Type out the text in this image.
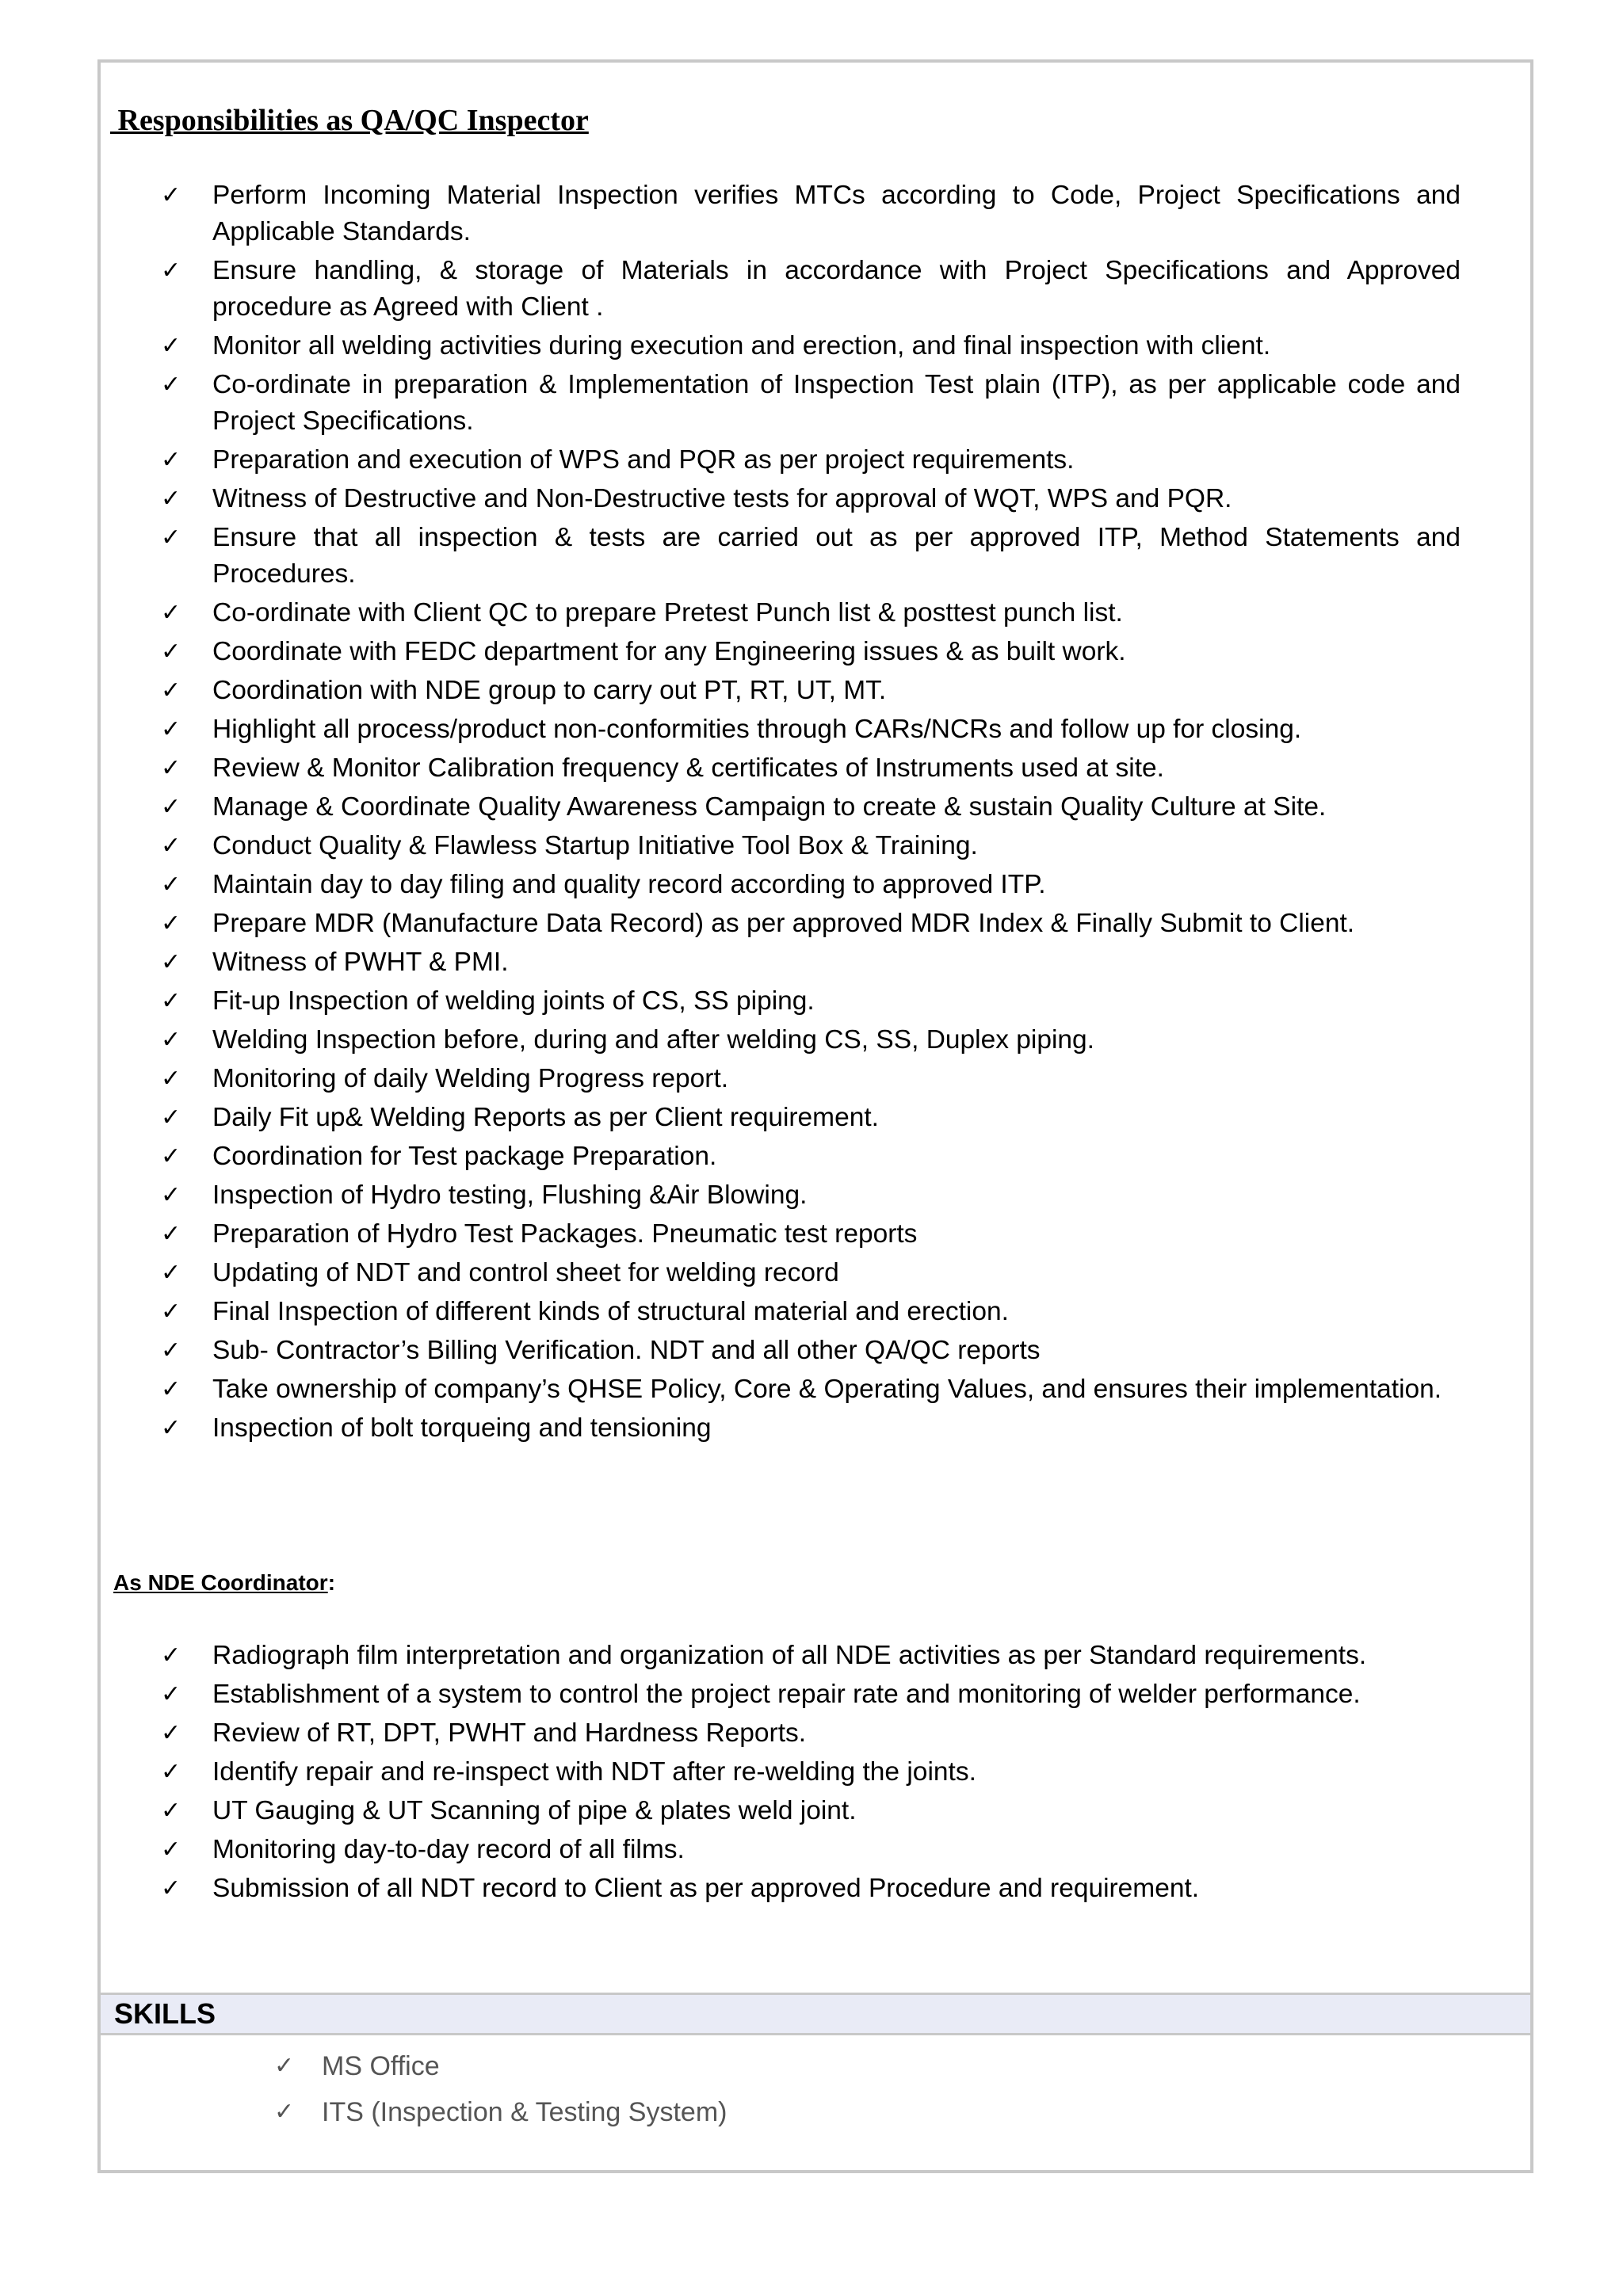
Responsibilities as QA/QC Inspector
✓ Perform Incoming Material Inspection verifies MTCs according to Code, Project Specifications and Applicable Standards.
✓ Ensure handling, & storage of Materials in accordance with Project Specifications and Approved procedure as Agreed with Client .
✓ Monitor all welding activities during execution and erection, and final inspection with client.
✓ Co-ordinate in preparation & Implementation of Inspection Test plain (ITP), as per applicable code and Project Specifications.
✓ Preparation and execution of WPS and PQR as per project requirements.
✓ Witness of Destructive and Non-Destructive tests for approval of WQT, WPS and PQR.
✓ Ensure that all inspection & tests are carried out as per approved ITP, Method Statements and Procedures.
✓ Co-ordinate with Client QC to prepare Pretest Punch list & posttest punch list.
✓ Coordinate with FEDC department for any Engineering issues & as built work.
✓ Coordination with NDE group to carry out PT, RT, UT, MT.
✓ Highlight all process/product non-conformities through CARs/NCRs and follow up for closing.
✓ Review & Monitor Calibration frequency & certificates of Instruments used at site.
✓ Manage & Coordinate Quality Awareness Campaign to create & sustain Quality Culture at Site.
✓ Conduct Quality & Flawless Startup Initiative Tool Box & Training.
✓ Maintain day to day filing and quality record according to approved ITP.
✓ Prepare MDR (Manufacture Data Record) as per approved MDR Index & Finally Submit to Client.
✓ Witness of PWHT & PMI.
✓ Fit-up Inspection of welding joints of CS, SS piping.
✓ Welding Inspection before, during and after welding CS, SS, Duplex piping.
✓ Monitoring of daily Welding Progress report.
✓ Daily Fit up& Welding Reports as per Client requirement.
✓ Coordination for Test package Preparation.
✓ Inspection of Hydro testing, Flushing &Air Blowing.
✓ Preparation of Hydro Test Packages. Pneumatic test reports
✓ Updating of NDT and control sheet for welding record
✓ Final Inspection of different kinds of structural material and erection.
✓ Sub- Contractor’s Billing Verification. NDT and all other QA/QC reports
✓ Take ownership of company’s QHSE Policy, Core & Operating Values, and ensures their implementation.
✓ Inspection of bolt torqueing and tensioning
As NDE Coordinator:
✓ Radiograph film interpretation and organization of all NDE activities as per Standard requirements.
✓ Establishment of a system to control the project repair rate and monitoring of welder performance.
✓ Review of RT, DPT, PWHT and Hardness Reports.
✓ Identify repair and re-inspect with NDT after re-welding the joints.
✓ UT Gauging & UT Scanning of pipe & plates weld joint.
✓ Monitoring day-to-day record of all films.
✓ Submission of all NDT record to Client as per approved Procedure and requirement.
SKILLS
✓ MS Office
✓ ITS (Inspection & Testing System)
